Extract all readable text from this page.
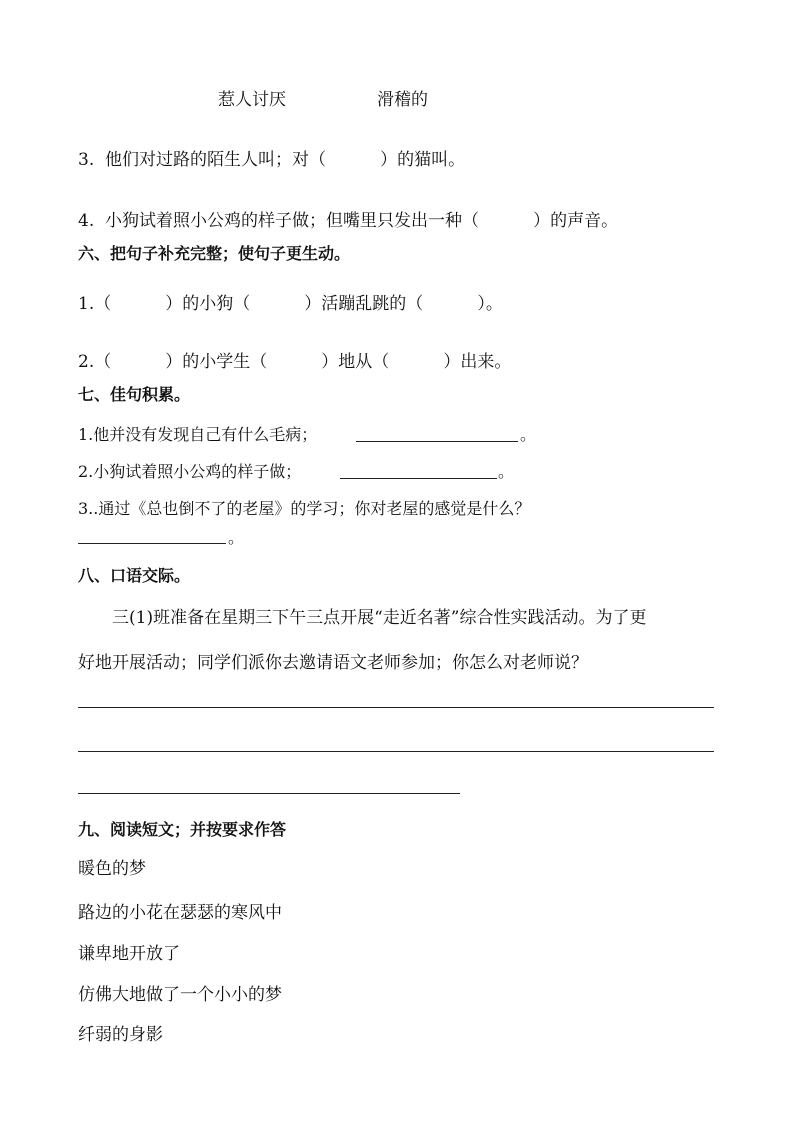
惹人讨厌	滑稽的
3.  他们对过路的陌生人叫；对（          ）的猫叫。
4.  小狗试着照小公鸡的样子做；但嘴里只发出一种（          ）的声音。
六、把句子补充完整；使句子更生动。
1.（          ）的小狗（          ）活蹦乱跳的（          ）。
2.（          ）的小学生（          ）地从（          ）出来。
七、佳句积累。
1.他并没有发现自己有什么毛病；	。
2.小狗试着照小公鸡的样子做；	。
3..通过《总也倒不了的老屋》的学习；你对老屋的感觉是什么？
。
八、口语交际。
三(1)班准备在星期三下午三点开展“走近名著”综合性实践活动。为了更
好地开展活动；同学们派你去邀请语文老师参加；你怎么对老师说？
九、阅读短文；并按要求作答
暖色的梦
路边的小花在瑟瑟的寒风中
谦卑地开放了
仿佛大地做了一个小小的梦
纤弱的身影
